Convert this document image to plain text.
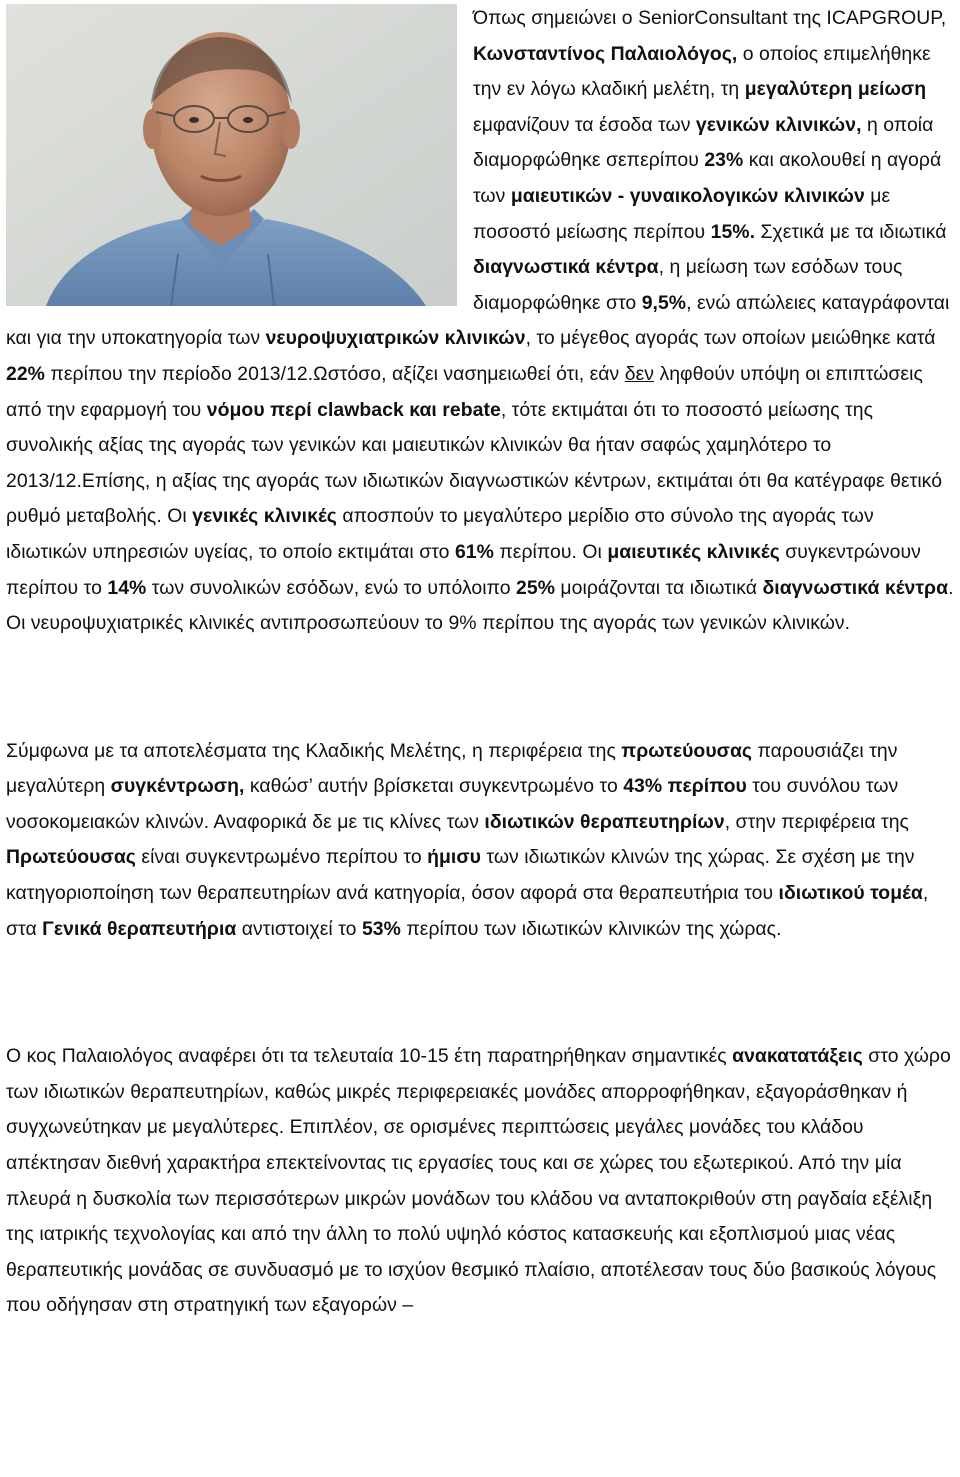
Όπως σημειώνει ο SeniorConsultant της ICAPGROUP, Κωνσταντίνος Παλαιολόγος, ο οποίος επιμελήθηκε την εν λόγω κλαδική μελέτη, τη μεγαλύτερη μείωση εμφανίζουν τα έσοδα των γενικών κλινικών, η οποία διαμορφώθηκε σεπερίπου 23% και ακολουθεί η αγορά των μαιευτικών - γυναικολογικών κλινικών με ποσοστό μείωσης περίπου 15%. Σχετικά με τα ιδιωτικά διαγνωστικά κέντρα, η μείωση των εσόδων τους διαμορφώθηκε στο 9,5%, ενώ απώλειες καταγράφονται και για την υποκατηγορία των νευροψυχιατρικών κλινικών, το μέγεθος αγοράς των οποίων μειώθηκε κατά 22% περίπου την περίοδο 2013/12.Ωστόσο, αξίζει νασημειωθεί ότι, εάν δεν ληφθούν υπόψη οι επιπτώσεις από την εφαρμογή του νόμου περί clawback και rebate, τότε εκτιμάται ότι το ποσοστό μείωσης της συνολικής αξίας της αγοράς των γενικών και μαιευτικών κλινικών θα ήταν σαφώς χαμηλότερο το 2013/12.Επίσης, η αξίας της αγοράς των ιδιωτικών διαγνωστικών κέντρων, εκτιμάται ότι θα κατέγραφε θετικό ρυθμό μεταβολής. Οι γενικές κλινικές αποσπούν το μεγαλύτερο μερίδιο στο σύνολο της αγοράς των ιδιωτικών υπηρεσιών υγείας, το οποίο εκτιμάται στο 61% περίπου. Οι μαιευτικές κλινικές συγκεντρώνουν περίπου το 14% των συνολικών εσόδων, ενώ το υπόλοιπο 25% μοιράζονται τα ιδιωτικά διαγνωστικά κέντρα. Οι νευροψυχιατρικές κλινικές αντιπροσωπεύουν το 9% περίπου της αγοράς των γενικών κλινικών.

Σύμφωνα με τα αποτελέσματα της Κλαδικής Μελέτης, η περιφέρεια της πρωτεύουσας παρουσιάζει την μεγαλύτερη συγκέντρωση, καθώσ’ αυτήν βρίσκεται συγκεντρωμένο το 43% περίπου του συνόλου των νοσοκομειακών κλινών. Αναφορικά δε με τις κλίνες των ιδιωτικών θεραπευτηρίων, στην περιφέρεια της Πρωτεύουσας είναι συγκεντρωμένο περίπου το ήμισυ των ιδιωτικών κλινών της χώρας. Σε σχέση με την κατηγοριοποίηση των θεραπευτηρίων ανά κατηγορία, όσον αφορά στα θεραπευτήρια του ιδιωτικού τομέα, στα Γενικά θεραπευτήρια αντιστοιχεί το 53% περίπου των ιδιωτικών κλινικών της χώρας.

Ο κος Παλαιολόγος αναφέρει ότι τα τελευταία 10-15 έτη παρατηρήθηκαν σημαντικές ανακατατάξεις στο χώρο των ιδιωτικών θεραπευτηρίων, καθώς μικρές περιφερειακές μονάδες απορροφήθηκαν, εξαγοράσθηκαν ή συγχωνεύτηκαν με μεγαλύτερες. Επιπλέον, σε ορισμένες περιπτώσεις μεγάλες μονάδες του κλάδου απέκτησαν διεθνή χαρακτήρα επεκτείνοντας τις εργασίες τους και σε χώρες του εξωτερικού. Από την μία πλευρά η δυσκολία των περισσότερων μικρών μονάδων του κλάδου να ανταποκριθούν στη ραγδαία εξέλιξη της ιατρικής τεχνολογίας και από την άλλη το πολύ υψηλό κόστος κατασκευής και εξοπλισμού μιας νέας θεραπευτικής μονάδας σε συνδυασμό με το ισχύον θεσμικό πλαίσιο, αποτέλεσαν τους δύο βασικούς λόγους που οδήγησαν στη στρατηγική των εξαγορών –
